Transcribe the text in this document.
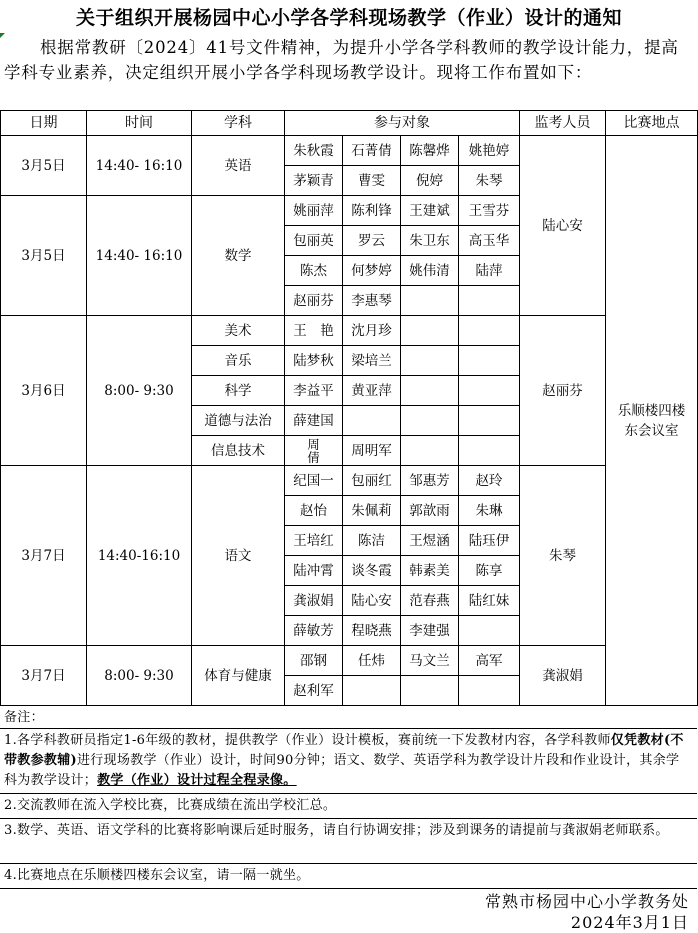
关于组织开展杨园中心小学各学科现场教学（作业）设计的通知
根据常教研〔2024〕41号文件精神，为提升小学各学科教师的教学设计能力，提高学科专业素养，决定组织开展小学各学科现场教学设计。现将工作布置如下：
日期	时间	学科	参与对象				监考人员	比赛地点	
3月5日	14:40- 16:10	英语	朱秋霞	石菁倩	陈馨烨	姚艳婷	陆心安	乐顺楼四楼东会议室	
			茅颖青	曹雯	倪婷	朱琴			
3月5日	14:40- 16:10	数学	姚丽萍	陈利锋	王建斌	王雪芬			
			包丽英	罗云	朱卫东	高玉华			
			陈杰	何梦婷	姚伟清	陆萍			
			赵丽芬	李惠琴					
3月6日	8:00- 9:30	美术	王　艳	沈月珍			赵丽芬		
		音乐	陆梦秋	梁培兰					
		科学	李益平	黄亚萍					
		道德与法治	薛建国						
		信息技术	周倩	周明军					
3月7日	14:40-16:10	语文	纪国一	包丽红	邹惠芳	赵玲	朱琴		
			赵怡	朱佩莉	郭歆雨	朱琳			
			王培红	陈洁	王煜涵	陆珏伊			
			陆冲霄	谈冬霞	韩素美	陈享			
			龚淑娟	陆心安	范春燕	陆红妹			
			薛敏芳	程晓燕	李建强				
3月7日	8:00- 9:30	体育与健康	邵钢	任炜	马文兰	高军	龚淑娟		
			赵利军						
备注：
1.各学科教研员指定1-6年级的教材，提供教学（作业）设计模板，赛前统一下发教材内容，各学科教师仅凭教材(不带教参教辅)进行现场教学（作业）设计，时间90分钟；语文、数学、英语学科为教学设计片段和作业设计，其余学科为教学设计；教学（作业）设计过程全程录像。
2.交流教师在流入学校比赛，比赛成绩在流出学校汇总。
3.数学、英语、语文学科的比赛将影响课后延时服务，请自行协调安排；涉及到课务的请提前与龚淑娟老师联系。
4.比赛地点在乐顺楼四楼东会议室，请一隔一就坐。
常熟市杨园中心小学教务处
2024年3月1日
